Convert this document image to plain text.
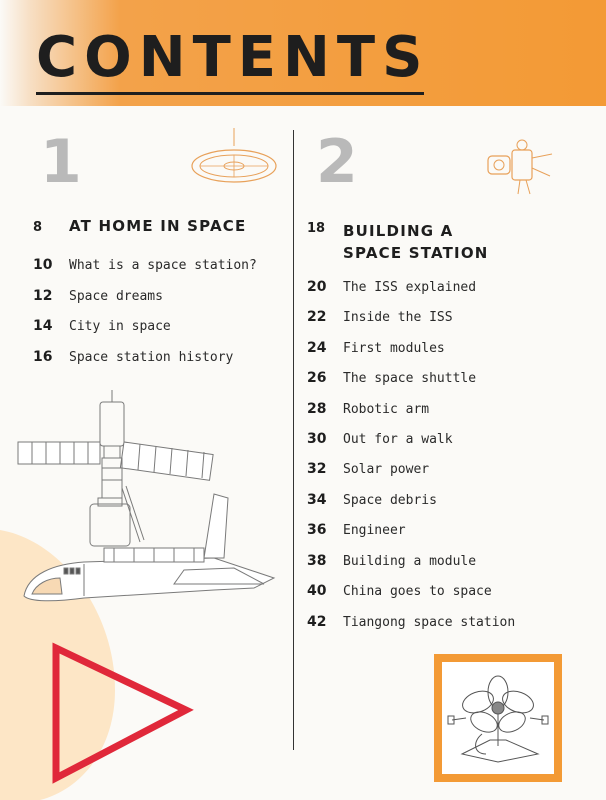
CONTENTS
1	2
8 AT HOME IN SPACE
10 What is a space station?
12 Space dreams
14 City in space
16 Space station history
18 BUILDING A
SPACE STATION
20 The ISS explained
22 Inside the ISS
24 First modules
26 The space shuttle
28 Robotic arm
30 Out for a walk
32 Solar power
34 Space debris
36 Engineer
38 Building a module
40 China goes to space
42 Tiangong space station
